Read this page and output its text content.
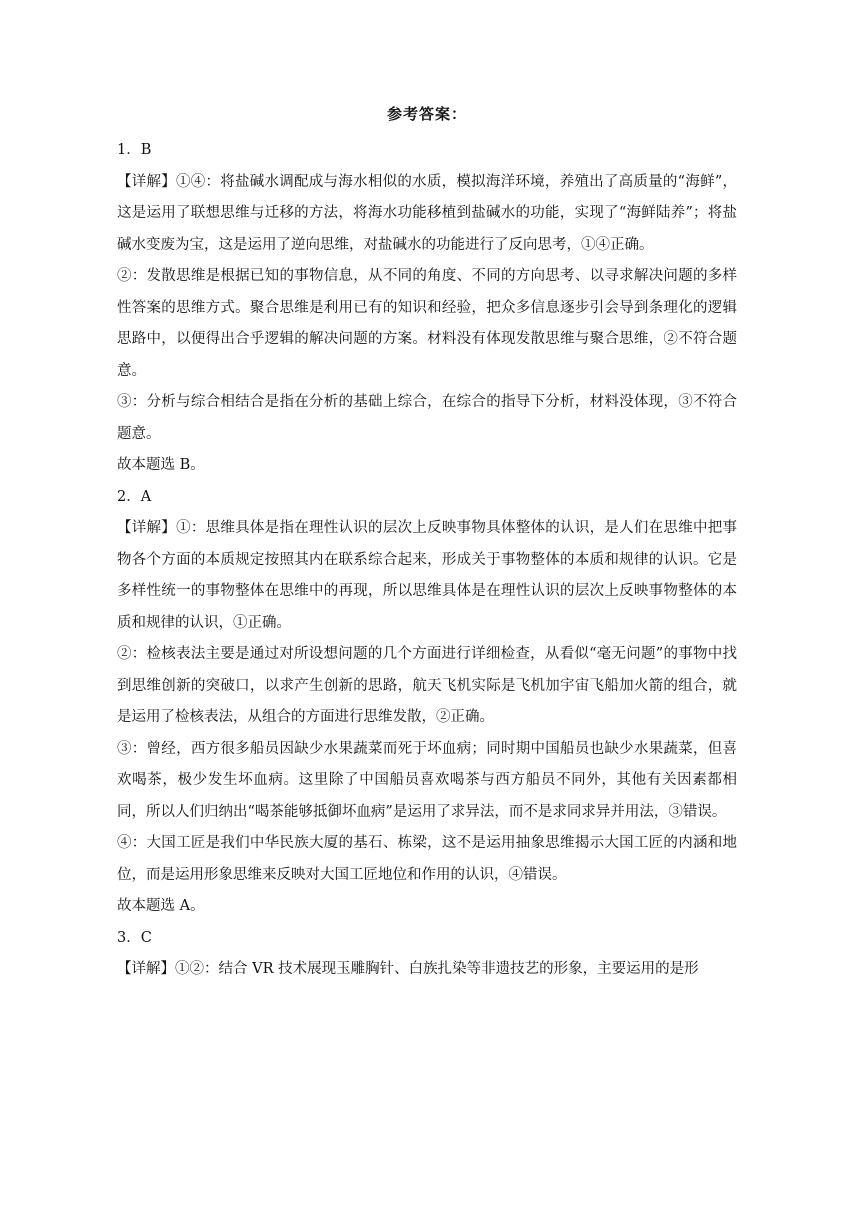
参考答案：

1．B

【详解】①④：将盐碱水调配成与海水相似的水质，模拟海洋环境，养殖出了高质量的“海鲜”，这是运用了联想思维与迁移的方法，将海水功能移植到盐碱水的功能，实现了“海鲜陆养”；将盐碱水变废为宝，这是运用了逆向思维，对盐碱水的功能进行了反向思考，①④正确。

②：发散思维是根据已知的事物信息，从不同的角度、不同的方向思考、以寻求解决问题的多样性答案的思维方式。聚合思维是利用已有的知识和经验，把众多信息逐步引会导到条理化的逻辑思路中，以便得出合乎逻辑的解决问题的方案。材料没有体现发散思维与聚合思维，②不符合题意。

③：分析与综合相结合是指在分析的基础上综合，在综合的指导下分析，材料没体现，③不符合题意。

故本题选 B。

2．A

【详解】①：思维具体是指在理性认识的层次上反映事物具体整体的认识，是人们在思维中把事物各个方面的本质规定按照其内在联系综合起来，形成关于事物整体的本质和规律的认识。它是多样性统一的事物整体在思维中的再现，所以思维具体是在理性认识的层次上反映事物整体的本质和规律的认识，①正确。

②：检核表法主要是通过对所设想问题的几个方面进行详细检查，从看似“毫无问题”的事物中找到思维创新的突破口，以求产生创新的思路，航天飞机实际是飞机加宇宙飞船加火箭的组合，就是运用了检核表法，从组合的方面进行思维发散，②正确。

③：曾经，西方很多船员因缺少水果蔬菜而死于坏血病；同时期中国船员也缺少水果蔬菜，但喜欢喝茶，极少发生坏血病。这里除了中国船员喜欢喝茶与西方船员不同外，其他有关因素都相同，所以人们归纳出“喝茶能够抵御坏血病”是运用了求异法，而不是求同求异并用法，③错误。

④：大国工匠是我们中华民族大厦的基石、栋梁，这不是运用抽象思维揭示大国工匠的内涵和地位，而是运用形象思维来反映对大国工匠地位和作用的认识，④错误。

故本题选 A。

3．C

【详解】①②：结合 VR 技术展现玉雕胸针、白族扎染等非遗技艺的形象，主要运用的是形
